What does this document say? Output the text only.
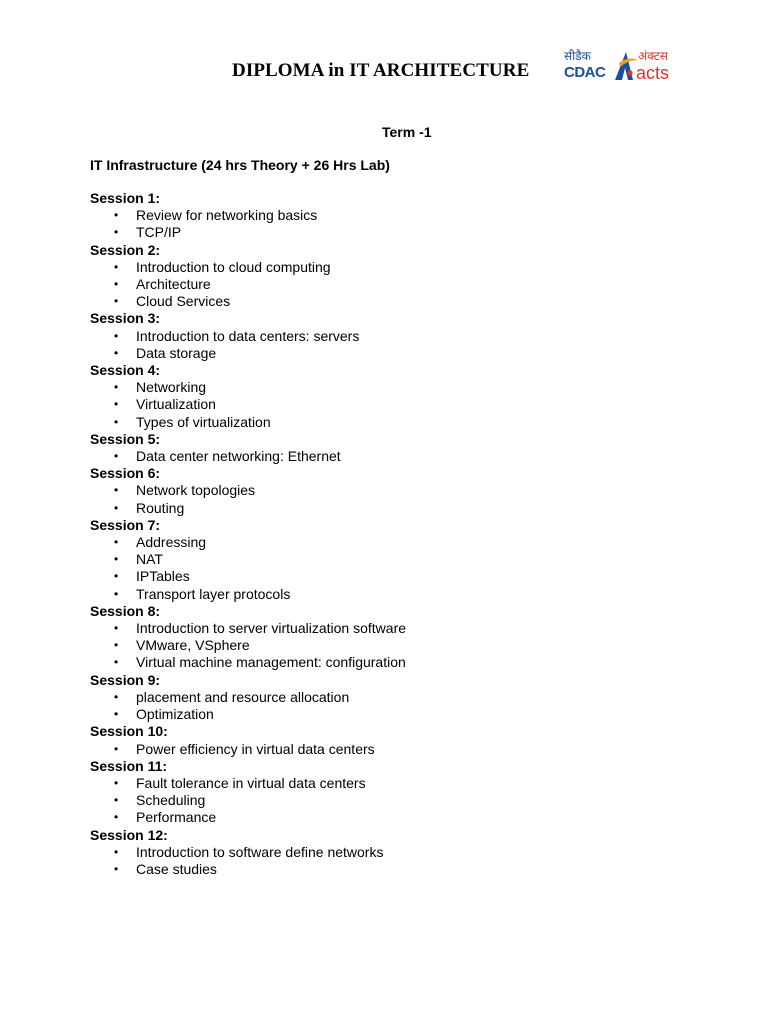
DIPLOMA in IT ARCHITECTURE
सीडैक	अंक्टस
CDAC acts
Term -1
IT Infrastructure (24 hrs Theory + 26 Hrs Lab)
Session 1:
• Review for networking basics
• TCP/IP
Session 2:
• Introduction to cloud computing
• Architecture
• Cloud Services
Session 3:
• Introduction to data centers: servers
• Data storage
Session 4:
• Networking
• Virtualization
• Types of virtualization
Session 5:
• Data center networking: Ethernet
Session 6:
• Network topologies
• Routing
Session 7:
• Addressing
• NAT
• IPTables
• Transport layer protocols
Session 8:
• Introduction to server virtualization software
• VMware, VSphere
• Virtual machine management: configuration
Session 9:
• placement and resource allocation
• Optimization
Session 10:
• Power efficiency in virtual data centers
Session 11:
• Fault tolerance in virtual data centers
• Scheduling
• Performance
Session 12:
• Introduction to software define networks
• Case studies
